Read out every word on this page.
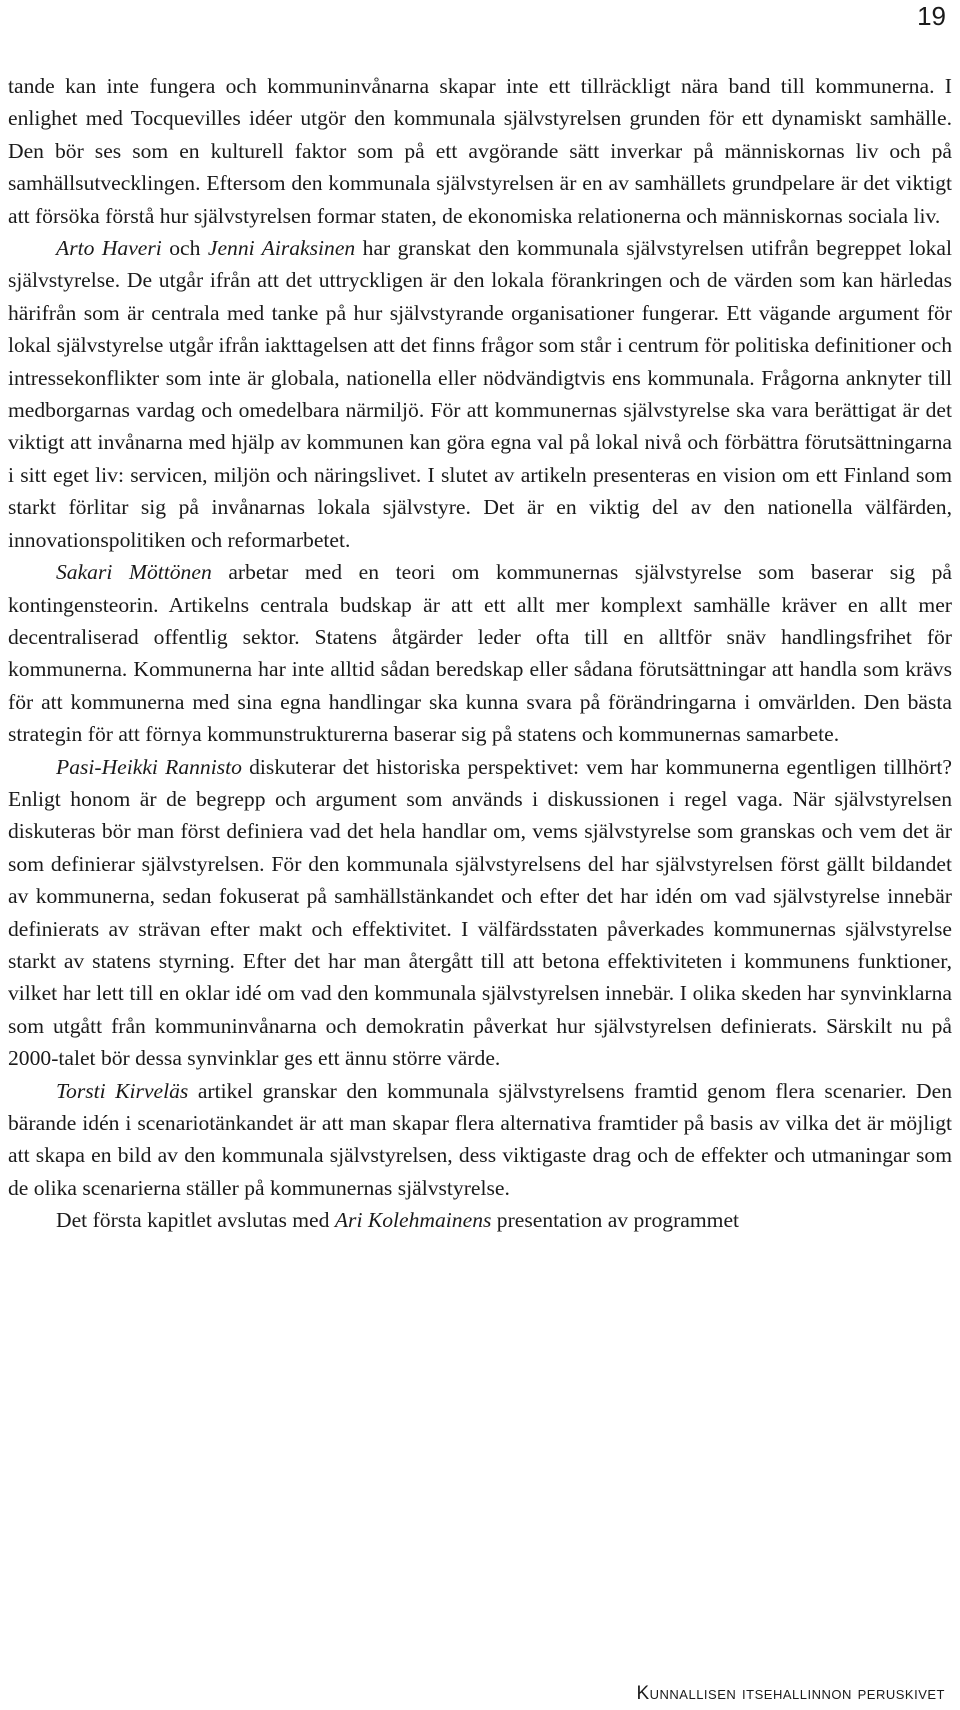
19

tande kan inte fungera och kommuninvånarna skapar inte ett tillräckligt nära band till kommunerna. I enlighet med Tocquevilles idéer utgör den kommunala självstyrelsen grunden för ett dynamiskt samhälle. Den bör ses som en kulturell faktor som på ett avgörande sätt inverkar på människornas liv och på samhällsutvecklingen. Eftersom den kommunala självstyrelsen är en av samhällets grundpelare är det viktigt att försöka förstå hur självstyrelsen formar staten, de ekonomiska relationerna och människornas sociala liv.

Arto Haveri och Jenni Airaksinen har granskat den kommunala självstyrelsen utifrån begreppet lokal självstyrelse. De utgår ifrån att det uttryckligen är den lokala förankringen och de värden som kan härledas härifrån som är centrala med tanke på hur självstyrande organisationer fungerar. Ett vägande argument för lokal självstyrelse utgår ifrån iakttagelsen att det finns frågor som står i centrum för politiska definitioner och intressekonflikter som inte är globala, nationella eller nödvändigtvis ens kommunala. Frågorna anknyter till medborgarnas vardag och omedelbara närmiljö. För att kommunernas självstyrelse ska vara berättigat är det viktigt att invånarna med hjälp av kommunen kan göra egna val på lokal nivå och förbättra förutsättningarna i sitt eget liv: servicen, miljön och näringslivet. I slutet av artikeln presenteras en vision om ett Finland som starkt förlitar sig på invånarnas lokala självstyre. Det är en viktig del av den nationella välfärden, innovationspolitiken och reformarbetet.

Sakari Möttönen arbetar med en teori om kommunernas självstyrelse som baserar sig på kontingensteorin. Artikelns centrala budskap är att ett allt mer komplext samhälle kräver en allt mer decentraliserad offentlig sektor. Statens åtgärder leder ofta till en alltför snäv handlingsfrihet för kommunerna. Kommunerna har inte alltid sådan beredskap eller sådana förutsättningar att handla som krävs för att kommunerna med sina egna handlingar ska kunna svara på förändringarna i omvärlden. Den bästa strategin för att förnya kommunstrukturerna baserar sig på statens och kommunernas samarbete.

Pasi-Heikki Rannisto diskuterar det historiska perspektivet: vem har kommunerna egentligen tillhört? Enligt honom är de begrepp och argument som används i diskussionen i regel vaga. När självstyrelsen diskuteras bör man först definiera vad det hela handlar om, vems självstyrelse som granskas och vem det är som definierar självstyrelsen. För den kommunala självstyrelsens del har självstyrelsen först gällt bildandet av kommunerna, sedan fokuserat på samhällstänkandet och efter det har idén om vad självstyrelse innebär definierats av strävan efter makt och effektivitet. I välfärdsstaten påverkades kommunernas självstyrelse starkt av statens styrning. Efter det har man återgått till att betona effektiviteten i kommunens funktioner, vilket har lett till en oklar idé om vad den kommunala självstyrelsen innebär. I olika skeden har synvinklarna som utgått från kommuninvånarna och demokratin påverkat hur självstyrelsen definierats. Särskilt nu på 2000-talet bör dessa synvinklar ges ett ännu större värde.

Torsti Kirveläs artikel granskar den kommunala självstyrelsens framtid genom flera scenarier. Den bärande idén i scenariotänkandet är att man skapar flera alternativa framtider på basis av vilka det är möjligt att skapa en bild av den kommunala självstyrelsen, dess viktigaste drag och de effekter och utmaningar som de olika scenarierna ställer på kommunernas självstyrelse.

Det första kapitlet avslutas med Ari Kolehmainens presentation av programmet

Kunnallisen itsehallinnon peruskivet
